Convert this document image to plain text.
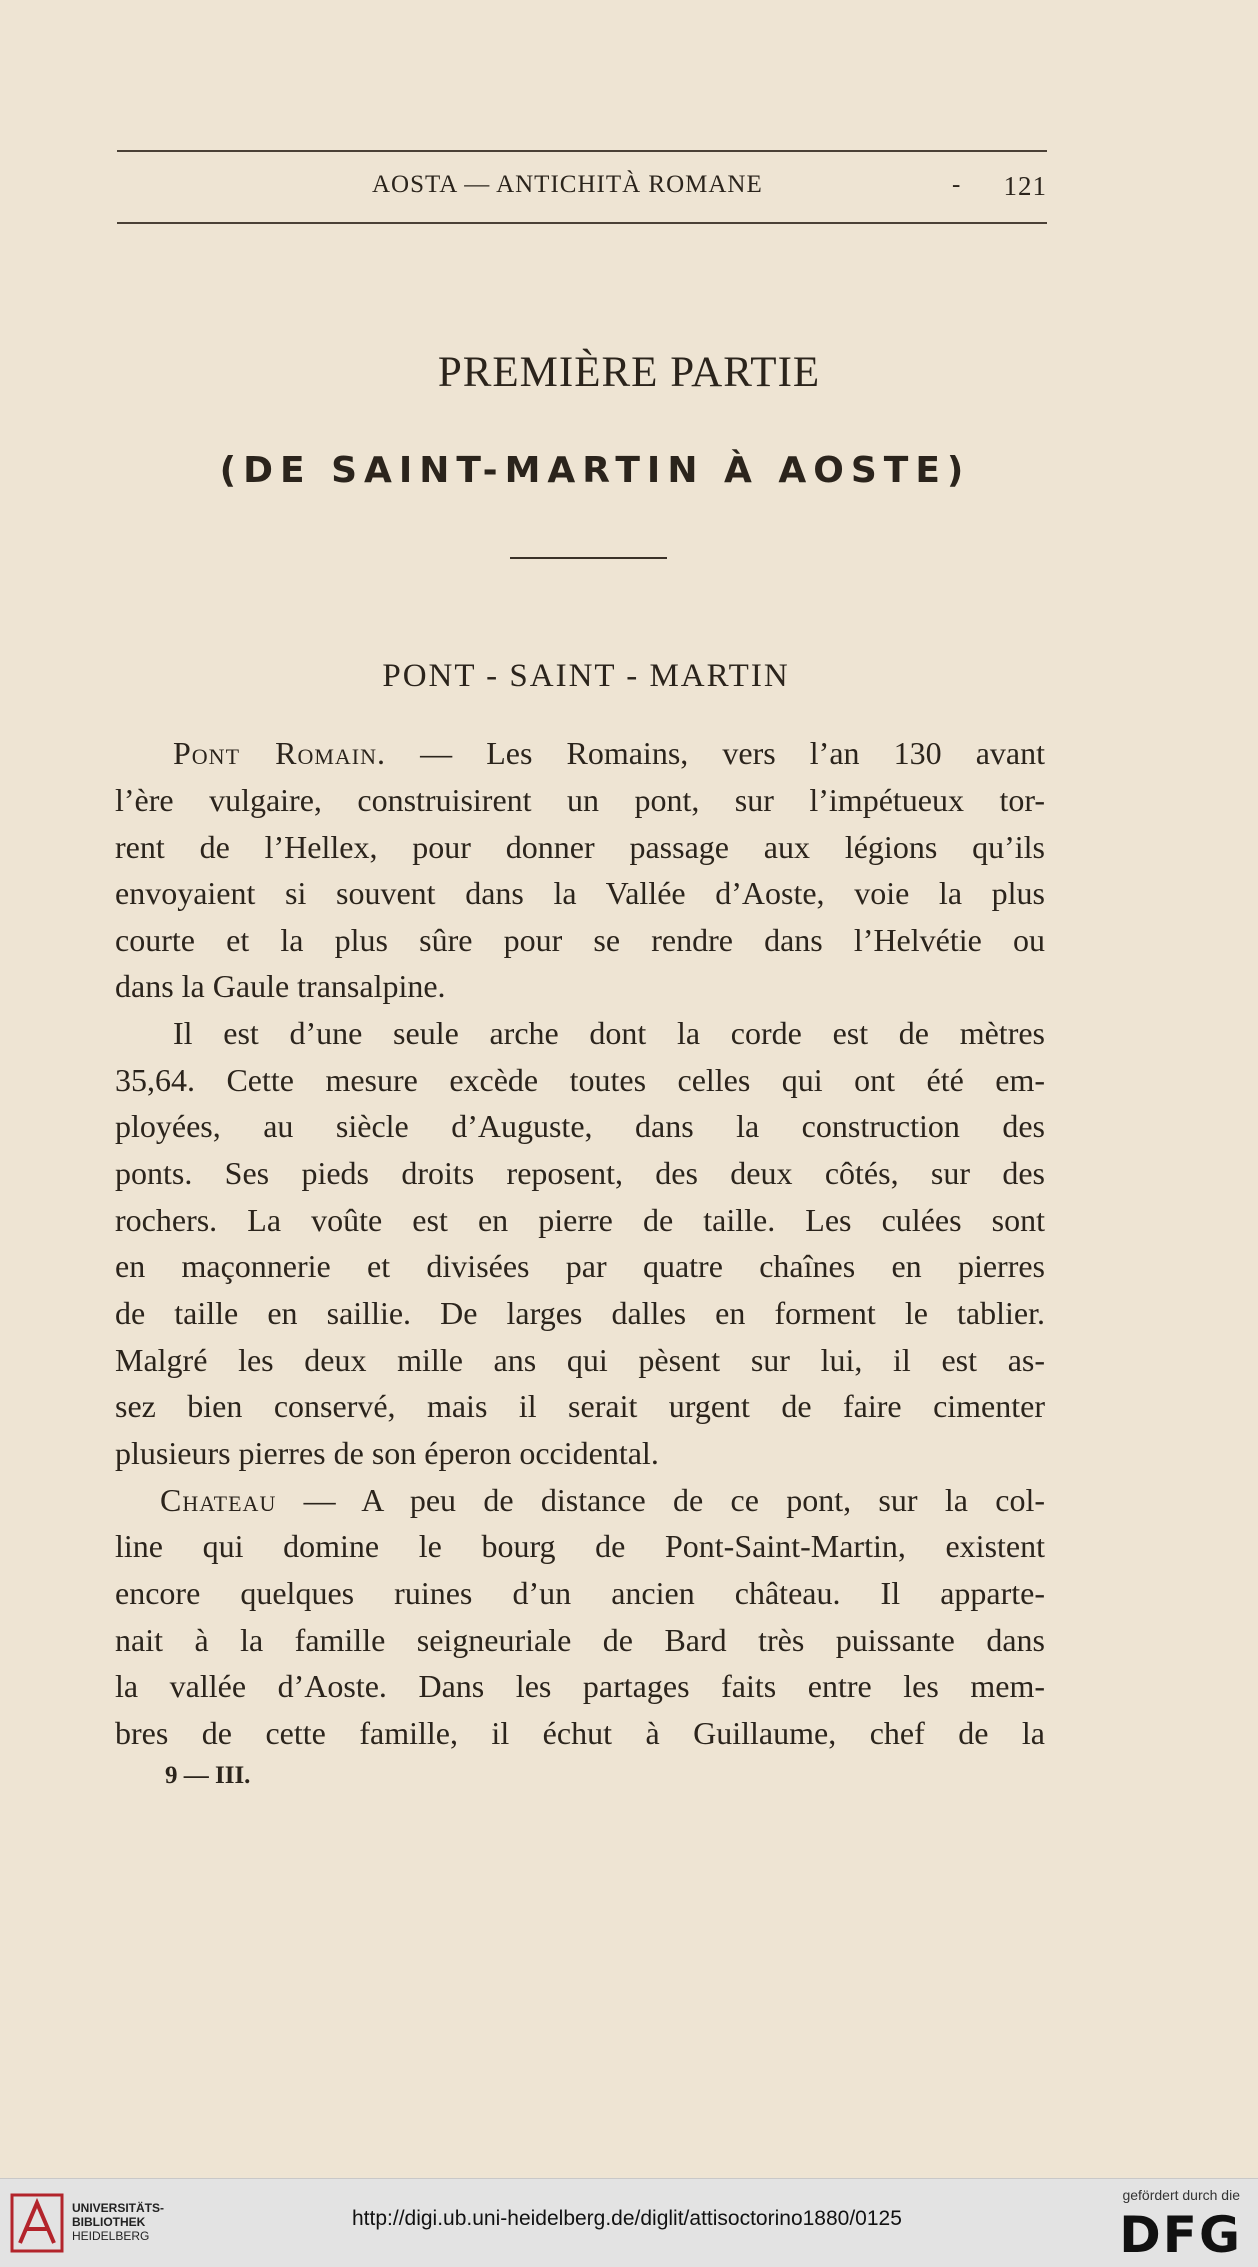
AOSTA — ANTICHITÀ ROMANE	- 121
PREMIÈRE PARTIE
(DE SAINT-MARTIN À AOSTE)
PONT - SAINT - MARTIN
Pont Romain. — Les Romains, vers l’an 130 avant
l’ère vulgaire, construisirent un pont, sur l’impétueux tor-
rent de l’Hellex, pour donner passage aux légions qu’ils
envoyaient si souvent dans la Vallée d’Aoste, voie la plus
courte et la plus sûre pour se rendre dans l’Helvétie ou
dans la Gaule transalpine.
Il est d’une seule arche dont la corde est de mètres
35,64. Cette mesure excède toutes celles qui ont été em-
ployées, au siècle d’Auguste, dans la construction des
ponts. Ses pieds droits reposent, des deux côtés, sur des
rochers. La voûte est en pierre de taille. Les culées sont
en maçonnerie et divisées par quatre chaînes en pierres
de taille en saillie. De larges dalles en forment le tablier.
Malgré les deux mille ans qui pèsent sur lui, il est as-
sez bien conservé, mais il serait urgent de faire cimenter
plusieurs pierres de son éperon occidental.
Chateau — A peu de distance de ce pont, sur la col-
line qui domine le bourg de Pont-Saint-Martin, existent
encore quelques ruines d’un ancien château. Il apparte-
nait à la famille seigneuriale de Bard très puissante dans
la vallée d’Aoste. Dans les partages faits entre les mem-
bres de cette famille, il échut à Guillaume, chef de la
9 — III.
UNIVERSITÄTS-
BIBLIOTHEK
HEIDELBERG
http://digi.ub.uni-heidelberg.de/diglit/attisoctorino1880/0125
gefördert durch die
DFG
